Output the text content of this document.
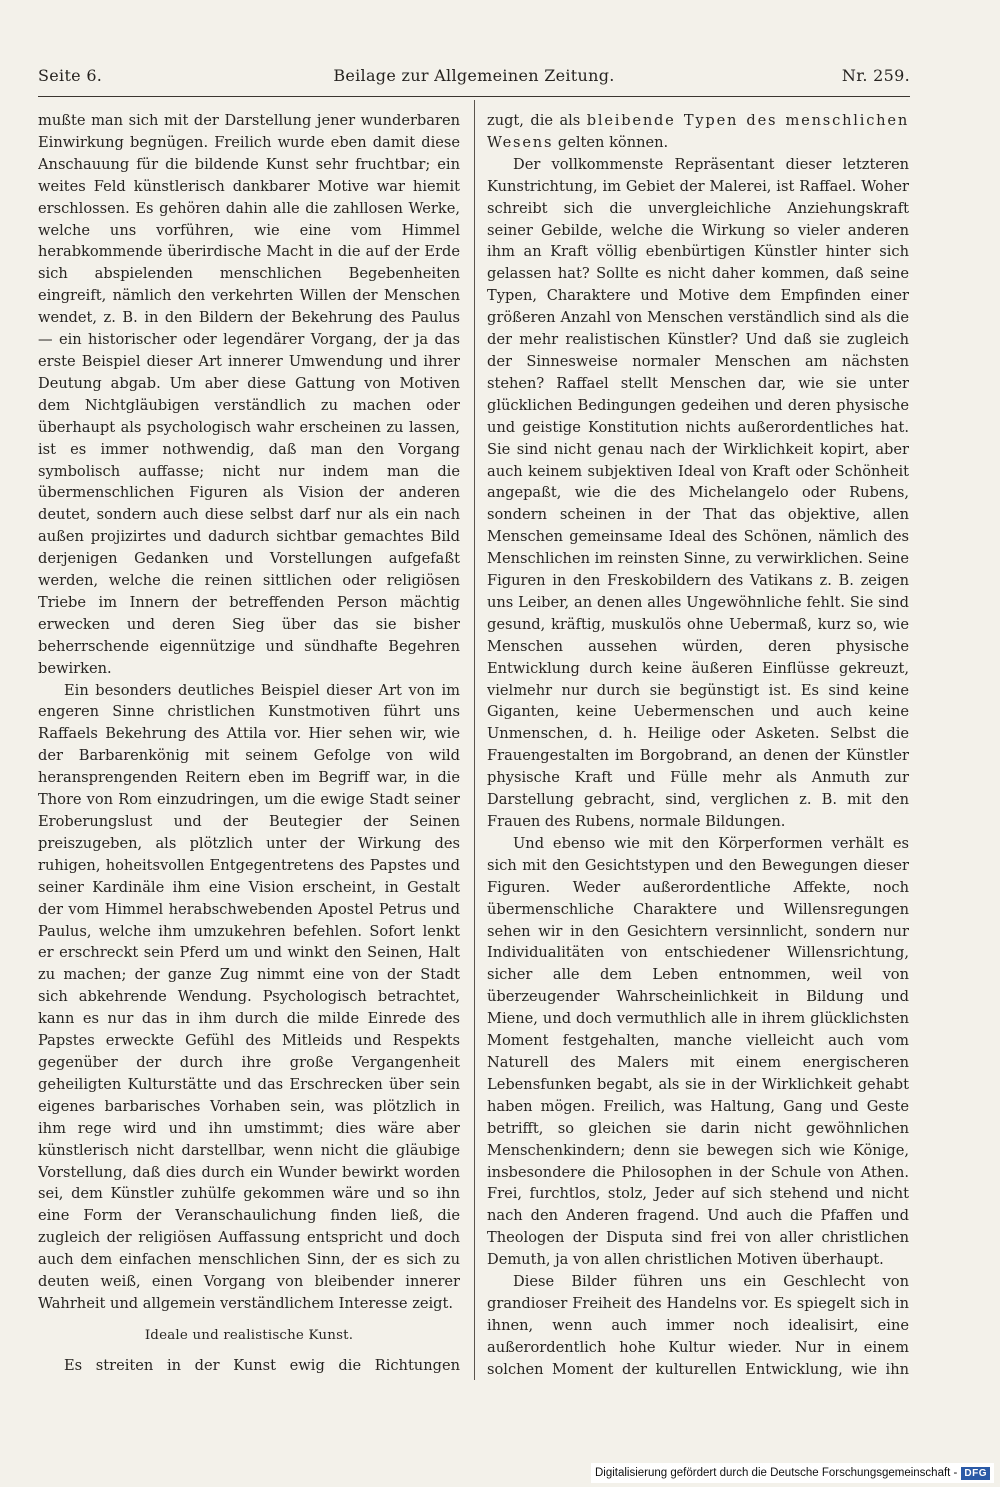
Seite 6.	Beilage zur Allgemeinen Zeitung.	Nr. 259.

mußte man sich mit der Darstellung jener wunderbaren Einwirkung begnügen. Freilich wurde eben damit diese Anschauung für die bildende Kunst sehr fruchtbar; ein weites Feld künstlerisch dankbarer Motive war hiemit erschlossen. Es gehören dahin alle die zahllosen Werke, welche uns vorführen, wie eine vom Himmel herabkommende überirdische Macht in die auf der Erde sich abspielenden menschlichen Begebenheiten eingreift, nämlich den verkehrten Willen der Menschen wendet, z. B. in den Bildern der Bekehrung des Paulus — ein historischer oder legendärer Vorgang, der ja das erste Beispiel dieser Art innerer Umwendung und ihrer Deutung abgab. Um aber diese Gattung von Motiven dem Nichtgläubigen verständlich zu machen oder überhaupt als psychologisch wahr erscheinen zu lassen, ist es immer nothwendig, daß man den Vorgang symbolisch auffasse; nicht nur indem man die übermenschlichen Figuren als Vision der anderen deutet, sondern auch diese selbst darf nur als ein nach außen projizirtes und dadurch sichtbar gemachtes Bild derjenigen Gedanken und Vorstellungen aufgefaßt werden, welche die reinen sittlichen oder religiösen Triebe im Innern der betreffenden Person mächtig erwecken und deren Sieg über das sie bisher beherrschende eigennützige und sündhafte Begehren bewirken.

Ein besonders deutliches Beispiel dieser Art von im engeren Sinne christlichen Kunstmotiven führt uns Raffaels Bekehrung des Attila vor. Hier sehen wir, wie der Barbarenkönig mit seinem Gefolge von wild heransprengenden Reitern eben im Begriff war, in die Thore von Rom einzudringen, um die ewige Stadt seiner Eroberungslust und der Beutegier der Seinen preiszugeben, als plötzlich unter der Wirkung des ruhigen, hoheitsvollen Entgegentretens des Papstes und seiner Kardinäle ihm eine Vision erscheint, in Gestalt der vom Himmel herabschwebenden Apostel Petrus und Paulus, welche ihm umzukehren befehlen. Sofort lenkt er erschreckt sein Pferd um und winkt den Seinen, Halt zu machen; der ganze Zug nimmt eine von der Stadt sich abkehrende Wendung. Psychologisch betrachtet, kann es nur das in ihm durch die milde Einrede des Papstes erweckte Gefühl des Mitleids und Respekts gegenüber der durch ihre große Vergangenheit geheiligten Kulturstätte und das Erschrecken über sein eigenes barbarisches Vorhaben sein, was plötzlich in ihm rege wird und ihn umstimmt; dies wäre aber künstlerisch nicht darstellbar, wenn nicht die gläubige Vorstellung, daß dies durch ein Wunder bewirkt worden sei, dem Künstler zuhülfe gekommen wäre und so ihn eine Form der Veranschaulichung finden ließ, die zugleich der religiösen Auffassung entspricht und doch auch dem einfachen menschlichen Sinn, der es sich zu deuten weiß, einen Vorgang von bleibender innerer Wahrheit und allgemein verständlichem Interesse zeigt.

Ideale und realistische Kunst.

Es streiten in der Kunst ewig die Richtungen

zugt, die als bleibende Typen des menschlichen Wesens gelten können.

Der vollkommenste Repräsentant dieser letzteren Kunstrichtung, im Gebiet der Malerei, ist Raffael. Woher schreibt sich die unvergleichliche Anziehungskraft seiner Gebilde, welche die Wirkung so vieler anderen ihm an Kraft völlig ebenbürtigen Künstler hinter sich gelassen hat? Sollte es nicht daher kommen, daß seine Typen, Charaktere und Motive dem Empfinden einer größeren Anzahl von Menschen verständlich sind als die der mehr realistischen Künstler? Und daß sie zugleich der Sinnesweise normaler Menschen am nächsten stehen? Raffael stellt Menschen dar, wie sie unter glücklichen Bedingungen gedeihen und deren physische und geistige Konstitution nichts außerordentliches hat. Sie sind nicht genau nach der Wirklichkeit kopirt, aber auch keinem subjektiven Ideal von Kraft oder Schönheit angepaßt, wie die des Michelangelo oder Rubens, sondern scheinen in der That das objektive, allen Menschen gemeinsame Ideal des Schönen, nämlich des Menschlichen im reinsten Sinne, zu verwirklichen. Seine Figuren in den Freskobildern des Vatikans z. B. zeigen uns Leiber, an denen alles Ungewöhnliche fehlt. Sie sind gesund, kräftig, muskulös ohne Uebermaß, kurz so, wie Menschen aussehen würden, deren physische Entwicklung durch keine äußeren Einflüsse gekreuzt, vielmehr nur durch sie begünstigt ist. Es sind keine Giganten, keine Uebermenschen und auch keine Unmenschen, d. h. Heilige oder Asketen. Selbst die Frauengestalten im Borgobrand, an denen der Künstler physische Kraft und Fülle mehr als Anmuth zur Darstellung gebracht, sind, verglichen z. B. mit den Frauen des Rubens, normale Bildungen.

Und ebenso wie mit den Körperformen verhält es sich mit den Gesichtstypen und den Bewegungen dieser Figuren. Weder außerordentliche Affekte, noch übermenschliche Charaktere und Willensregungen sehen wir in den Gesichtern versinnlicht, sondern nur Individualitäten von entschiedener Willensrichtung, sicher alle dem Leben entnommen, weil von überzeugender Wahrscheinlichkeit in Bildung und Miene, und doch vermuthlich alle in ihrem glücklichsten Moment festgehalten, manche vielleicht auch vom Naturell des Malers mit einem energischeren Lebensfunken begabt, als sie in der Wirklichkeit gehabt haben mögen. Freilich, was Haltung, Gang und Geste betrifft, so gleichen sie darin nicht gewöhnlichen Menschenkindern; denn sie bewegen sich wie Könige, insbesondere die Philosophen in der Schule von Athen. Frei, furchtlos, stolz, Jeder auf sich stehend und nicht nach den Anderen fragend. Und auch die Pfaffen und Theologen der Disputa sind frei von aller christlichen Demuth, ja von allen christlichen Motiven überhaupt.

Diese Bilder führen uns ein Geschlecht von grandioser Freiheit des Handelns vor. Es spiegelt sich in ihnen, wenn auch immer noch idealisirt, eine außerordentlich hohe Kultur wieder. Nur in einem solchen Moment der kulturellen Entwicklung, wie ihn

Digitalisierung gefördert durch die Deutsche Forschungsgemeinschaft - DFG
